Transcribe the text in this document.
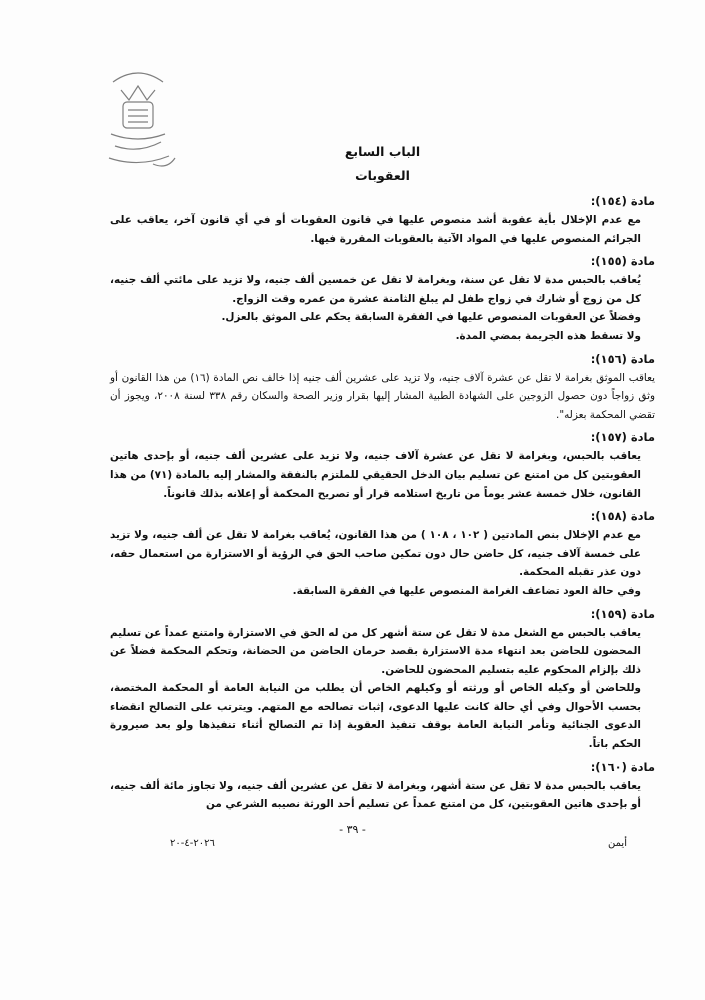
الباب السابع

العقوبات

مادة (١٥٤):

مع عدم الإخلال بأية عقوبة أشد منصوص عليها في قانون العقوبات أو في أي قانون آخر، يعاقب على الجرائم المنصوص عليها في المواد الآتية بالعقوبات المقررة فيها.

مادة (١٥٥):

يُعاقب بالحبس مدة لا تقل عن سنة، وبغرامة لا تقل عن خمسين ألف جنيه، ولا تزيد على مائتي ألف جنيه، كل من زوج أو شارك في زواج طفل لم يبلغ الثامنة عشرة من عمره وقت الزواج.

وفضلاً عن العقوبات المنصوص عليها في الفقرة السابقة يحكم على الموثق بالعزل.

ولا تسقط هذه الجريمة بمضي المدة.

مادة (١٥٦):

يعاقب الموثق بغرامة لا تقل عن عشرة آلاف جنيه، ولا تزيد على عشرين ألف جنيه إذا خالف نص المادة (١٦) من هذا القانون أو وثق زواجاً دون حصول الزوجين على الشهادة الطبية المشار إليها بقرار وزير الصحة والسكان رقم ٣٣٨ لسنة ٢٠٠٨، ويجوز أن تقضي المحكمة بعزله".

مادة (١٥٧):

يعاقب بالحبس، وبغرامة لا تقل عن عشرة آلاف جنيه، ولا تزيد على عشرين ألف جنيه، أو بإحدى هاتين العقوبتين كل من امتنع عن تسليم بيان الدخل الحقيقي للملتزم بالنفقة والمشار إليه بالمادة (٧١) من هذا القانون، خلال خمسة عشر يوماً من تاريخ استلامه قرار أو تصريح المحكمة أو إعلانه بذلك قانوناً.

مادة (١٥٨):

مع عدم الإخلال بنص المادتين ( ١٠٢ ، ١٠٨ ) من هذا القانون، يُعاقب بغرامة لا تقل عن ألف جنيه، ولا تزيد على خمسة آلاف جنيه، كل حاضن حال دون تمكين صاحب الحق في الرؤية أو الاستزارة من استعمال حقه، دون عذر تقبله المحكمة.

وفي حالة العود تضاعف الغرامة المنصوص عليها في الفقرة السابقة.

مادة (١٥٩):

يعاقب بالحبس مع الشغل مدة لا تقل عن ستة أشهر كل من له الحق في الاستزارة وامتنع عمداً عن تسليم المحضون للحاضن بعد انتهاء مدة الاستزارة بقصد حرمان الحاضن من الحضانة، وتحكم المحكمة فضلاً عن ذلك بإلزام المحكوم عليه بتسليم المحضون للحاضن.

وللحاضن أو وكيله الخاص أو ورثته أو وكيلهم الخاص أن يطلب من النيابة العامة أو المحكمة المختصة، بحسب الأحوال وفي أي حالة كانت عليها الدعوى، إثبات تصالحه مع المتهم. ويترتب على التصالح انقضاء الدعوى الجنائية وتأمر النيابة العامة بوقف تنفيذ العقوبة إذا تم التصالح أثناء تنفيذها ولو بعد صيرورة الحكم باتاً.

مادة (١٦٠):

يعاقب بالحبس مدة لا تقل عن ستة أشهر، وبغرامة لا تقل عن عشرين ألف جنيه، ولا تجاوز مائة ألف جنيه، أو بإحدى هاتين العقوبتين، كل من امتنع عمداً عن تسليم أحد الورثة نصيبه الشرعي من

- ٣٩ -
أيمن
٢٠٢٦-٤-٢٠
